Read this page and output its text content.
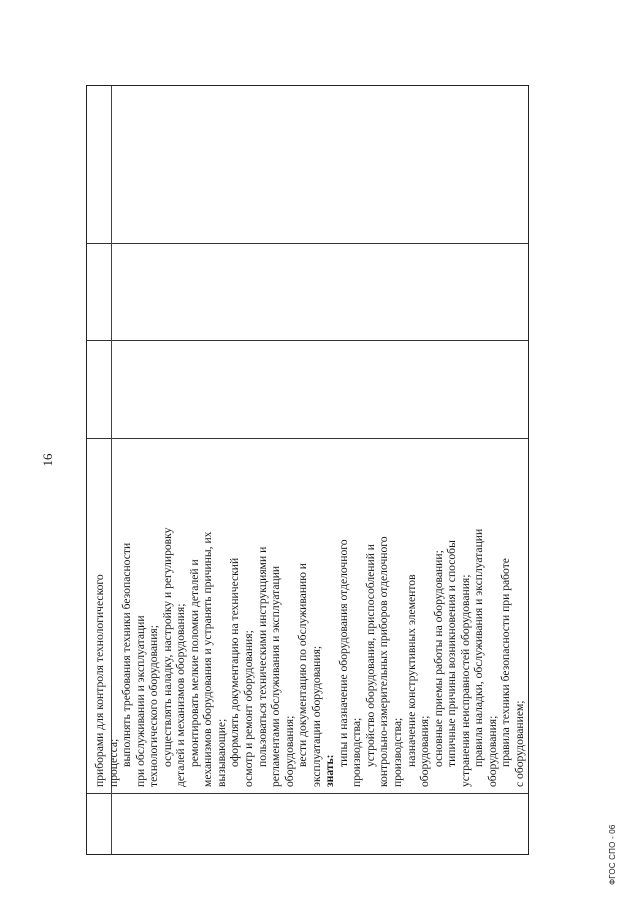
16
приборами для контроля технологического процесса; выполнять требования техники безопасности при обслуживании и эксплуатации технологического оборудования; осуществлять наладку, настройку и регулировку деталей и механизмов оборудования; ремонтировать мелкие поломки деталей и механизмов оборудования и устранять причины, их вызывающие; оформлять документацию на технический осмотр и ремонт оборудования; пользоваться техническими инструкциями и регламентами обслуживания и эксплуатации оборудования; вести документацию по обслуживанию и эксплуатации оборудования; знать:
типы и назначение оборудования отделочного производства; устройство оборудования, приспособлений и контрольно-измерительных приборов отделочного производства; назначение конструктивных элементов оборудования; основные приемы работы на оборудовании; типичные причины возникновения и способы устранения неисправностей оборудования; правила наладки, обслуживания и эксплуатации оборудования; правила техники безопасности при работе с оборудованием;
ФГОС СПО - 06
